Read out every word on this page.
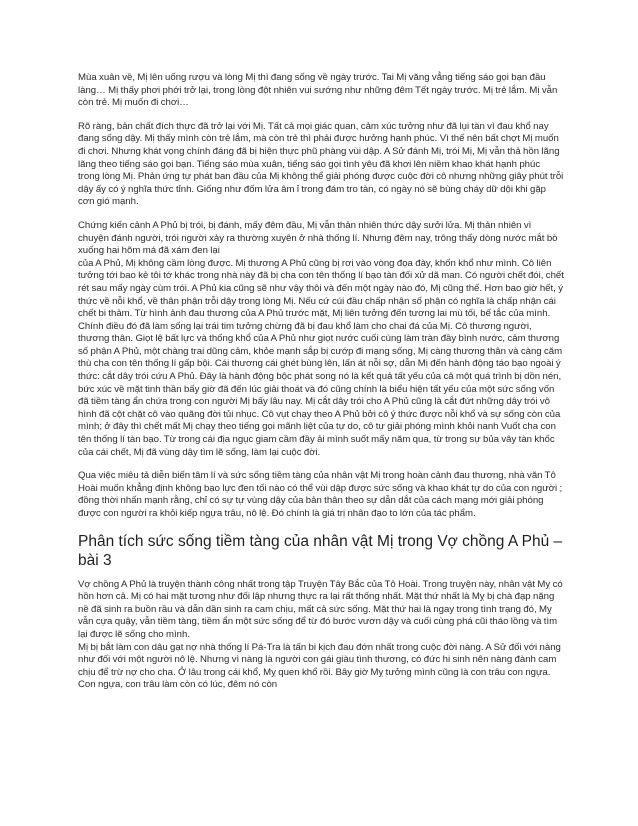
Mùa xuân về, Mị lên uống rượu và lòng Mị thì đang sống về ngày trước. Tai Mị văng vẳng tiếng sáo gọi bạn đầu làng… Mị thấy phơi phới trở lại, trong lòng đột nhiên vui sướng như những đêm Tết ngày trước. Mị trẻ lắm. Mị vẫn còn trẻ. Mị muốn đi chơi…

Rõ ràng, bản chất đích thực đã trở lại với Mị. Tất cả mọi giác quan, cảm xúc tưởng như đã lụi tàn vì đau khổ nay đang sống dậy. Mị thấy mình còn trẻ lắm, mà còn trẻ thì phải được hưởng hạnh phúc. Vì thế nên bất chợt Mị muốn đi chơi. Nhưng khát vọng chính đáng đã bị hiện thực phũ phàng vùi dập. A Sử đánh Mị, trói Mị, Mị vẫn thả hồn lãng lãng theo tiếng sáo gọi bạn. Tiếng sáo mùa xuân, tiếng sáo gọi tình yêu đã khơi lên niềm khao khát hạnh phúc trong lòng Mị. Phản ứng tự phát ban đầu của Mị không thể giải phóng được cuộc đời cô nhưng những giây phút trỗi dậy ấy có ý nghĩa thức tỉnh. Giống như đốm lửa âm ỉ trong đám tro tàn, có ngày nó sẽ bùng cháy dữ dội khi gặp cơn gió mạnh.

Chứng kiến cảnh A Phủ bị trói, bị đánh, mấy đêm đầu, Mị vẫn thản nhiên thức dậy sưởi lửa. Mị thản nhiên vì chuyện đánh người, trói người xảy ra thường xuyên ở nhà thống lí. Nhưng đêm nay, trông thấy dòng nước mắt bò xuống hai hõm má đã xám đen lại
của A Phủ, Mị không cầm lòng được. Mị thương A Phủ cũng bị rơi vào vòng đọa đày, khốn khổ như mình. Cô liên tưởng tới bao kẻ tôi tớ khác trong nhà này đã bị cha con tên thống lí bạo tàn đối xử dã man. Có người chết đói, chết rét sau mấy ngày cùm trói. A Phủ kia cũng sẽ như vậy thôi và đến một ngày nào đó, Mị cũng thế. Hơn bao giờ hết, ý thức về nỗi khổ, về thân phận trỗi dậy trong lòng Mị. Nếu cứ cúi đầu chấp nhận số phận có nghĩa là chấp nhận cái chết bi thảm. Từ hình ảnh đau thương của A Phủ trước mặt, Mị liên tưởng đến tương lai mù tối, bế tắc của mình. Chính điều đó đã làm sống lại trái tim tưởng chừng đã bị đau khổ làm cho chai đá của Mị. Cô thương người, thương thân. Giọt lệ bất lực và thống khổ của A Phủ như giọt nước cuối cùng làm tràn đầy bình nước, cảm thương số phận A Phủ, một chàng trai dũng cảm, khỏe mạnh sắp bị cướp đi mạng sống, Mị càng thương thân và càng căm thù cha con tên thống lí gấp bội. Cái thương cái ghét bùng lên, lấn át nỗi sợ, dẫn Mị đến hành động táo bạo ngoài ý thức: cắt dây trói cứu A Phủ. Đây là hành động bộc phát song nó là kết quả tất yếu của cả một quá trình bị dồn nén, bức xúc về mặt tinh thần bấy giờ đã đến lúc giải thoát và đó cũng chính là biểu hiện tất yếu của một sức sống vốn đã tiềm tàng ẩn chứa trong con người Mị bấy lâu nay. Mị cắt dây trói cho A Phủ cũng là cắt đứt những dây trói vô hình đã cột chặt cô vào quãng đời tủi nhục. Cô vụt chạy theo A Phủ bởi cô ý thức được nỗi khổ và sự sống còn của mình; ở đây thì chết mất Mị chạy theo tiếng gọi mãnh liệt của tự do, cô tự giải phóng mình khỏi nanh Vuốt cha con tên thống lí tàn bạo. Từ trong cái địa ngục giam cầm đầy ải mình suốt mấy năm qua, từ trong sự bủa vây tàn khốc của cái chết, Mị đã vùng dậy tìm lẽ sống, làm lại cuộc đời.

Qua việc miêu tả diễn biến tâm lí và sức sống tiềm tàng của nhân vật Mị trong hoàn cảnh đau thương, nhà văn Tô Hoài muốn khẳng định không bạo lực đen tối nào có thể vùi dập được sức sống và khao khát tự do của con người ; đồng thời nhấn mạnh rằng, chỉ có sự tự vùng dậy của bản thân theo sự dẫn dắt của cách mạng mới giải phóng được con người ra khỏi kiếp ngựa trâu, nô lệ. Đó chính là giá trị nhân đạo to lớn của tác phẩm.

Phân tích sức sống tiềm tàng của nhân vật Mị trong Vợ chồng A Phủ – bài 3

Vợ chồng A Phủ là truyện thành công nhất trong tập Truyện Tây Bắc của Tô Hoài. Trong truyện này, nhân vật Mỵ có hồn hơn cả. Mị có hai mặt tương như đối lập nhưng thực ra lại rất thống nhất. Mặt thứ nhất là Mỵ bị chà đạp nặng nề đã sinh ra buồn rầu và dẫn dần sinh ra cam chịu, mất cả sức sống. Mặt thứ hai là ngay trong tình trạng đó, Mỵ vẫn cựa quậy, vẫn tiềm tàng, tiềm ẩn một sức sống để từ đó bước vươn dậy và cuối cùng phá cũi tháo lồng và tìm lại được lẽ sống cho mình.
Mị bị bắt làm con dâu gạt nợ nhà thống lí Pá-Tra là tấn bi kịch đau đớn nhất trong cuộc đời nàng. A Sử đối với nàng như đối với một người nô lệ. Nhưng vì nàng là người con gái giàu tình thương, có đức hi sinh nên nàng đành cam chịu để trừ nợ cho cha. Ở lâu trong cái khổ, Mỵ quen khổ rồi. Bây giờ Mỵ tưởng mình cũng là con trâu con ngựa. Con ngựa, con trâu làm còn có lúc, đêm nó còn
